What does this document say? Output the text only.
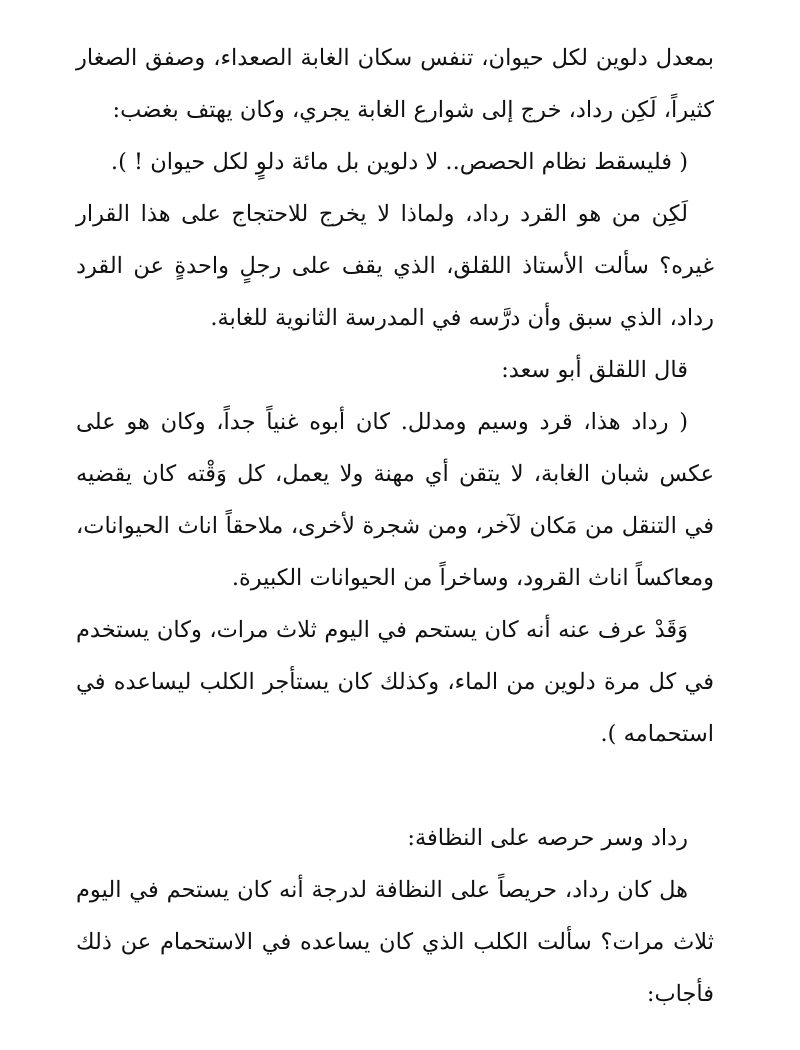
بمعدل دلوين لكل حيوان، تنفس سكان الغابة الصعداء، وصفق الصغار كثيراً، لَكِن رداد، خرج إلى شوارع الغابة يجري، وكان يهتف بغضب:

( فليسقط نظام الحصص.. لا دلوين بل مائة دلوٍ لكل حيوان ! ).

لَكِن من هو القرد رداد، ولماذا لا يخرج للاحتجاج على هذا القرار غيره؟ سألت الأستاذ اللقلق، الذي يقف على رجلٍ واحدةٍ عن القرد رداد، الذي سبق وأن درَّسه في المدرسة الثانوية للغابة.

قال اللقلق أبو سعد:

( رداد هذا، قرد وسيم ومدلل. كان أبوه غنياً جداً، وكان هو على عكس شبان الغابة، لا يتقن أي مهنة ولا يعمل، كل وَقْته كان يقضيه في التنقل من مَكان لآخر، ومن شجرة لأخرى، ملاحقاً اناث الحيوانات، ومعاكساً اناث القرود، وساخراً من الحيوانات الكبيرة.

وَقَدْ عرف عنه أنه كان يستحم في اليوم ثلاث مرات، وكان يستخدم في كل مرة دلوين من الماء، وكذلك كان يستأجر الكلب ليساعده في استحمامه ).

رداد وسر حرصه على النظافة:

هل كان رداد، حريصاً على النظافة لدرجة أنه كان يستحم في اليوم ثلاث مرات؟ سألت الكلب الذي كان يساعده في الاستحمام عن ذلك فأجاب:
